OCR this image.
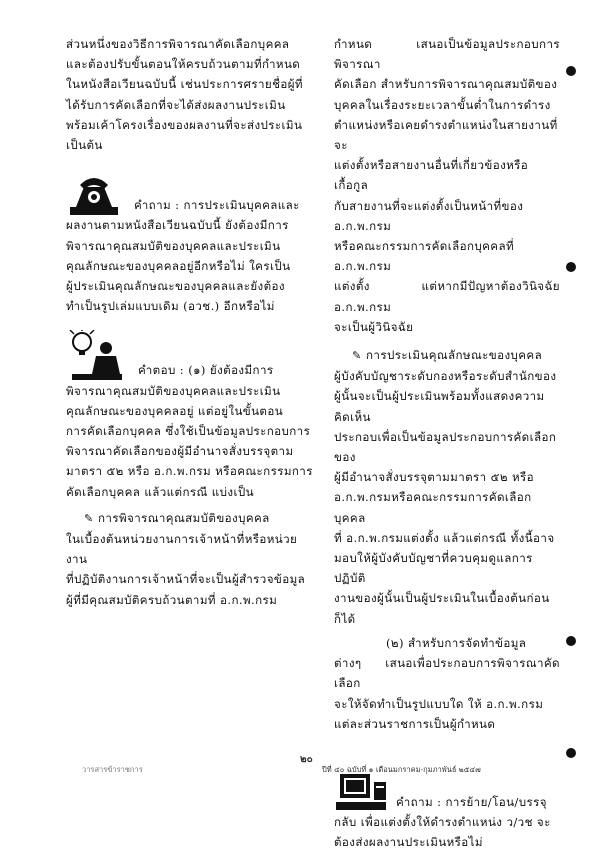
ส่วนหนึ่งของวิธีการพิจารณาคัดเลือกบุคคล

และต้องปรับขั้นตอนให้ครบถ้วนตามที่กำหนด

ในหนังสือเวียนฉบับนี้ เช่นประการศรายชื่อผู้ที่

ได้รับการคัดเลือกที่จะได้ส่งผลงานประเมิน

พร้อมเค้าโครงเรื่องของผลงานที่จะส่งประเมิน

เป็นต้น

คำถาม : การประเมินบุคคลและ

ผลงานตามหนังสือเวียนฉบับนี้ ยังต้องมีการ

พิจารณาคุณสมบัติของบุคคลและประเมิน

คุณลักษณะของบุคคลอยู่อีกหรือไม่ ใครเป็น

ผู้ประเมินคุณลักษณะของบุคคลและยังต้อง

ทำเป็นรูปเล่มแบบเดิม (อวช.) อีกหรือไม่

คำตอบ : (๑) ยังต้องมีการ

พิจารณาคุณสมบัติของบุคคลและประเมิน

คุณลักษณะของบุคคลอยู่ แต่อยู่ในขั้นตอน

การคัดเลือกบุคคล ซึ่งใช้เป็นข้อมูลประกอบการ

พิจารณาคัดเลือกของผู้มีอำนาจสั่งบรรจุตาม

มาตรา ๕๒ หรือ อ.ก.พ.กรม หรือคณะกรรมการ

คัดเลือกบุคคล แล้วแต่กรณี แบ่งเป็น

✎ การพิจารณาคุณสมบัติของบุคคล

ในเบื้องต้นหน่วยงานการเจ้าหน้าที่หรือหน่วยงาน

ที่ปฏิบัติงานการเจ้าหน้าที่จะเป็นผู้สำรวจข้อมูล

ผู้ที่มีคุณสมบัติครบถ้วนตามที่ อ.ก.พ.กรม

กำหนด เสนอเป็นข้อมูลประกอบการพิจารณา

คัดเลือก สำหรับการพิจารณาคุณสมบัติของ

บุคคลในเรื่องระยะเวลาขั้นต่ำในการดำรง

ตำแหน่งหรือเคยดำรงตำแหน่งในสายงานที่จะ

แต่งตั้งหรือสายงานอื่นที่เกี่ยวข้องหรือเกื้อกูล

กับสายงานที่จะแต่งตั้งเป็นหน้าที่ของ อ.ก.พ.กรม

หรือคณะกรรมการคัดเลือกบุคคลที่ อ.ก.พ.กรม

แต่งตั้ง แต่หากมีปัญหาต้องวินิจฉัย อ.ก.พ.กรม

จะเป็นผู้วินิจฉัย

✎ การประเมินคุณลักษณะของบุคคล

ผู้บังคับบัญชาระดับกองหรือระดับสำนักของ

ผู้นั้นจะเป็นผู้ประเมินพร้อมทั้งแสดงความคิดเห็น

ประกอบเพื่อเป็นข้อมูลประกอบการคัดเลือกของ

ผู้มีอำนาจสั่งบรรจุตามมาตรา ๕๒ หรือ

อ.ก.พ.กรมหรือคณะกรรมการคัดเลือกบุคคล

ที่ อ.ก.พ.กรมแต่งตั้ง แล้วแต่กรณี ทั้งนี้อาจ

มอบให้ผู้บังคับบัญชาที่ควบคุมดูแลการปฏิบัติ

งานของผู้นั้นเป็นผู้ประเมินในเบื้องต้นก่อนก็ได้

(๒) สำหรับการจัดทำข้อมูล

ต่างๆ เสนอเพื่อประกอบการพิจารณาคัดเลือก

จะให้จัดทำเป็นรูปแบบใด ให้ อ.ก.พ.กรม

แต่ละส่วนราชการเป็นผู้กำหนด

คำถาม : การย้าย/โอน/บรรจุ

กลับ เพื่อแต่งตั้งให้ดำรงตำแหน่ง ว/วช จะ

ต้องส่งผลงานประเมินหรือไม่

๒๐
วารสารข้าราชการ	ปีที่ ๔๐ ฉบับที่ ๑ เดือนมกราคม-กุมภาพันธ์ ๒๕๔๗
